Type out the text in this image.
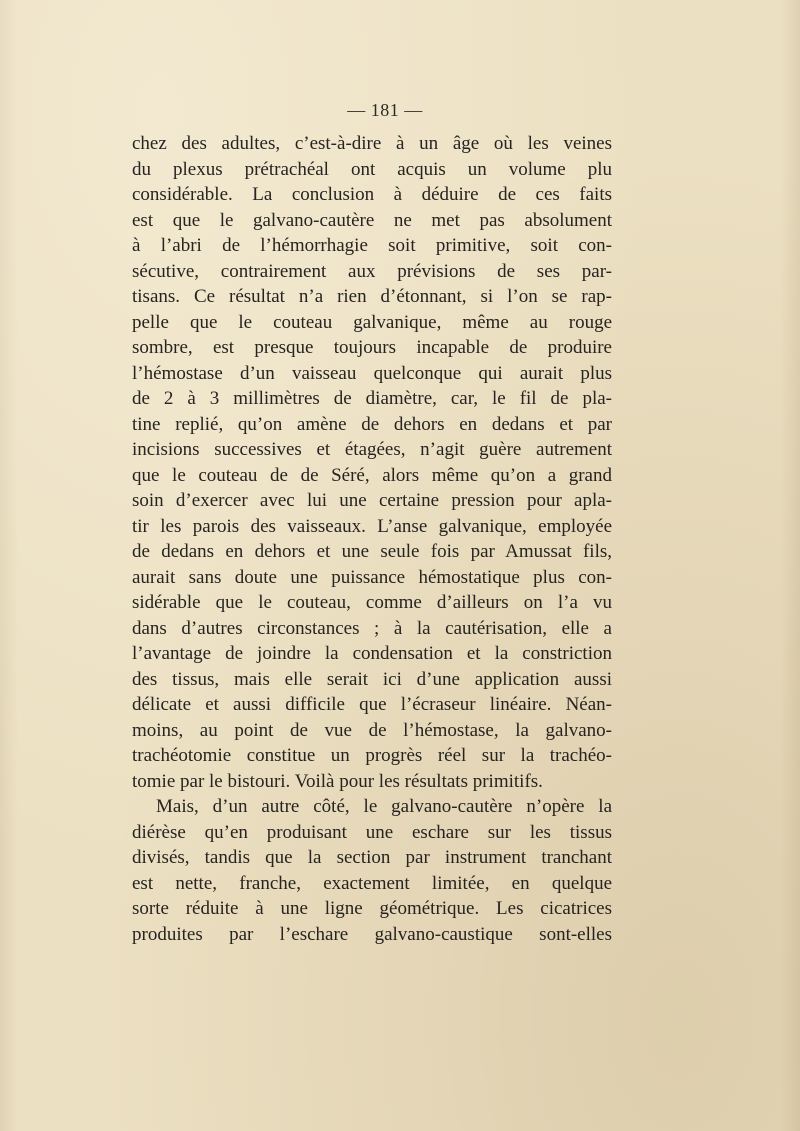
— 181 —
chez des adultes, c’est-à-dire à un âge où les veines
du plexus prétrachéal ont acquis un volume plu
considérable. La conclusion à déduire de ces faits
est que le galvano-cautère ne met pas absolument
à l’abri de l’hémorrhagie soit primitive, soit con-
sécutive, contrairement aux prévisions de ses par-
tisans. Ce résultat n’a rien d’étonnant, si l’on se rap-
pelle que le couteau galvanique, même au rouge
sombre, est presque toujours incapable de produire
l’hémostase d’un vaisseau quelconque qui aurait plus
de 2 à 3 millimètres de diamètre, car, le fil de pla-
tine replié, qu’on amène de dehors en dedans et par
incisions successives et étagées, n’agit guère autrement
que le couteau de de Séré, alors même qu’on a grand
soin d’exercer avec lui une certaine pression pour apla-
tir les parois des vaisseaux. L’anse galvanique, employée
de dedans en dehors et une seule fois par Amussat fils,
aurait sans doute une puissance hémostatique plus con-
sidérable que le couteau, comme d’ailleurs on l’a vu
dans d’autres circonstances ; à la cautérisation, elle a
l’avantage de joindre la condensation et la constriction
des tissus, mais elle serait ici d’une application aussi
délicate et aussi difficile que l’écraseur linéaire. Néan-
moins, au point de vue de l’hémostase, la galvano-
trachéotomie constitue un progrès réel sur la trachéo-
tomie par le bistouri. Voilà pour les résultats primitifs.
Mais, d’un autre côté, le galvano-cautère n’opère la
diérèse qu’en produisant une eschare sur les tissus
divisés, tandis que la section par instrument tranchant
est nette, franche, exactement limitée, en quelque
sorte réduite à une ligne géométrique. Les cicatrices
produites par l’eschare galvano-caustique sont-elles
